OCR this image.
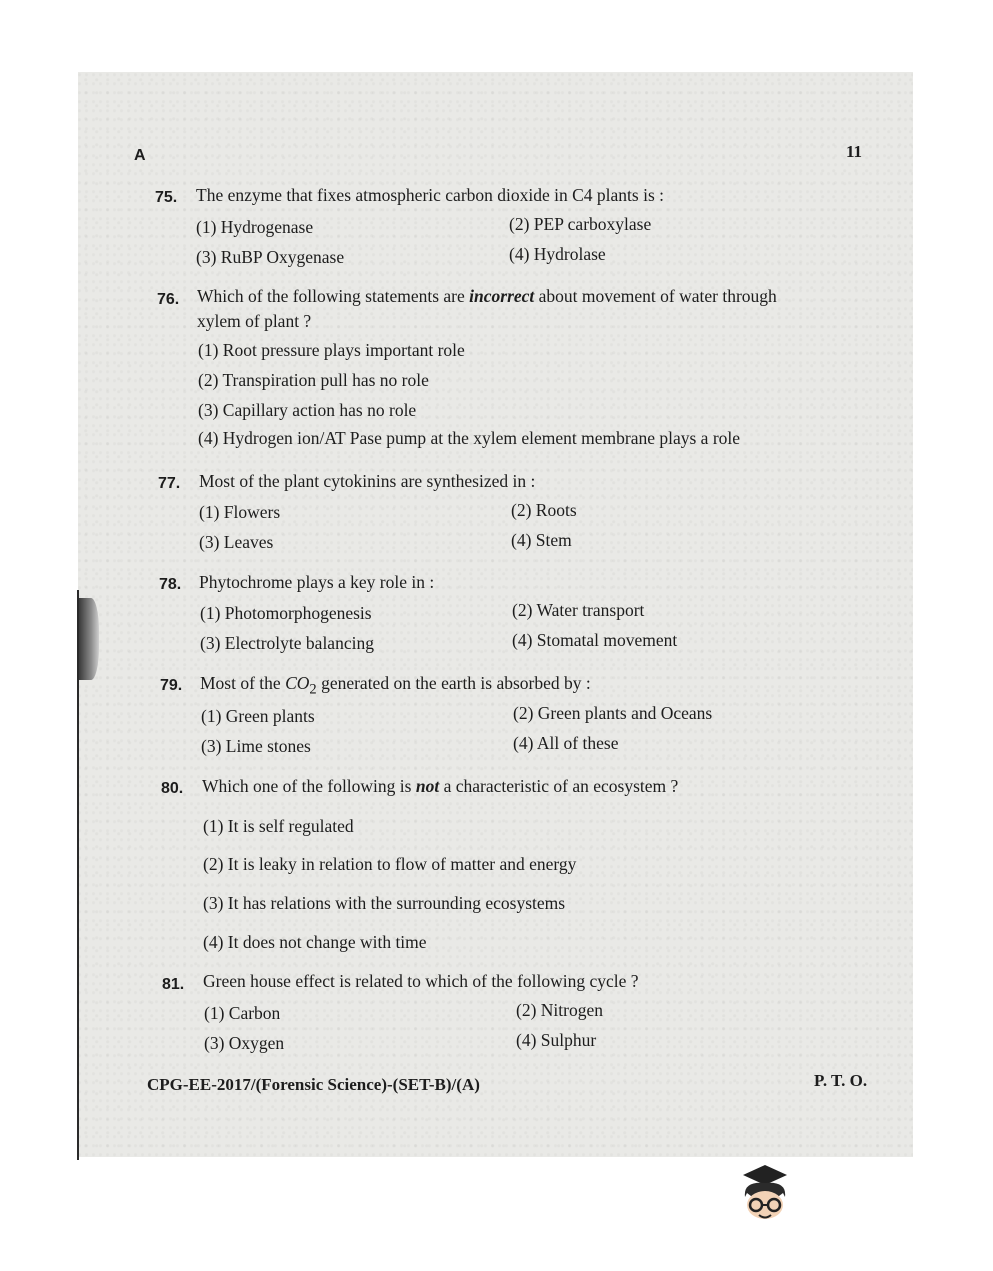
A	11
75. The enzyme that fixes atmospheric carbon dioxide in C4 plants is :
(1) Hydrogenase	(2) PEP carboxylase
(3) RuBP Oxygenase	(4) Hydrolase
76. Which of the following statements are incorrect about movement of water through
xylem of plant ?
(1) Root pressure plays important role
(2) Transpiration pull has no role
(3) Capillary action has no role
(4) Hydrogen ion/AT Pase pump at the xylem element membrane plays a role
77. Most of the plant cytokinins are synthesized in :
(1) Flowers	(2) Roots
(3) Leaves	(4) Stem
78. Phytochrome plays a key role in :
(1) Photomorphogenesis	(2) Water transport
(3) Electrolyte balancing	(4) Stomatal movement
79. Most of the $CO_2$ generated on the earth is absorbed by :
(1) Green plants	(2) Green plants and Oceans
(3) Lime stones	(4) All of these
80. Which one of the following is not a characteristic of an ecosystem ?
(1) It is self regulated
(2) It is leaky in relation to flow of matter and energy
(3) It has relations with the surrounding ecosystems
(4) It does not change with time
81. Green house effect is related to which of the following cycle ?
(1) Carbon	(2) Nitrogen
(3) Oxygen	(4) Sulphur
CPG-EE-2017/(Forensic Science)-(SET-B)/(A)	P. T. O.
